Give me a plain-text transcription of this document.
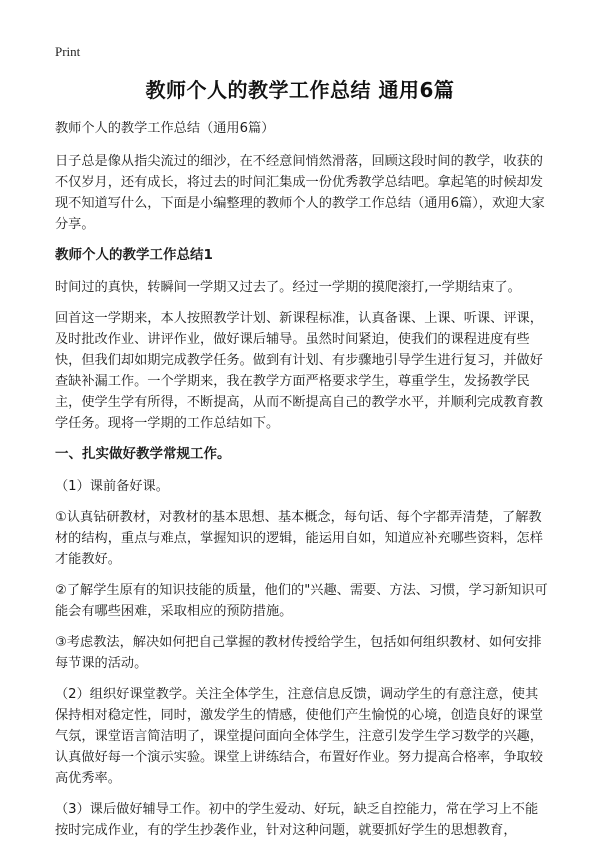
Print
教师个人的教学工作总结 通用6篇

教师个人的教学工作总结（通用6篇）

日子总是像从指尖流过的细沙，在不经意间悄然滑落，回顾这段时间的教学，收获的不仅岁月，还有成长，将过去的时间汇集成一份优秀教学总结吧。拿起笔的时候却发现不知道写什么，下面是小编整理的教师个人的教学工作总结（通用6篇），欢迎大家分享。

教师个人的教学工作总结1

时间过的真快，转瞬间一学期又过去了。经过一学期的摸爬滚打,一学期结束了。

回首这一学期来，本人按照教学计划、新课程标准，认真备课、上课、听课、评课，及时批改作业、讲评作业，做好课后辅导。虽然时间紧迫，使我们的课程进度有些快，但我们却如期完成教学任务。做到有计划、有步骤地引导学生进行复习，并做好查缺补漏工作。一个学期来，我在教学方面严格要求学生，尊重学生，发扬教学民主，使学生学有所得，不断提高，从而不断提高自己的教学水平，并顺利完成教育教学任务。现将一学期的工作总结如下。

一、扎实做好教学常规工作。

（1）课前备好课。

①认真钻研教材，对教材的基本思想、基本概念，每句话、每个字都弄清楚，了解教材的结构，重点与难点，掌握知识的逻辑，能运用自如，知道应补充哪些资料，怎样才能教好。

②了解学生原有的知识技能的质量，他们的"兴趣、需要、方法、习惯，学习新知识可能会有哪些困难，采取相应的预防措施。

③考虑教法，解决如何把自己掌握的教材传授给学生，包括如何组织教材、如何安排每节课的活动。

（2）组织好课堂教学。关注全体学生，注意信息反馈，调动学生的有意注意，使其保持相对稳定性，同时，激发学生的情感，使他们产生愉悦的心境，创造良好的课堂气氛，课堂语言简洁明了，课堂提问面向全体学生，注意引发学生学习数学的兴趣，认真做好每一个演示实验。课堂上讲练结合，布置好作业。努力提高合格率，争取较高优秀率。

（3）课后做好辅导工作。初中的学生爱动、好玩，缺乏自控能力，常在学习上不能按时完成作业，有的学生抄袭作业，针对这种问题，就要抓好学生的思想教育，
